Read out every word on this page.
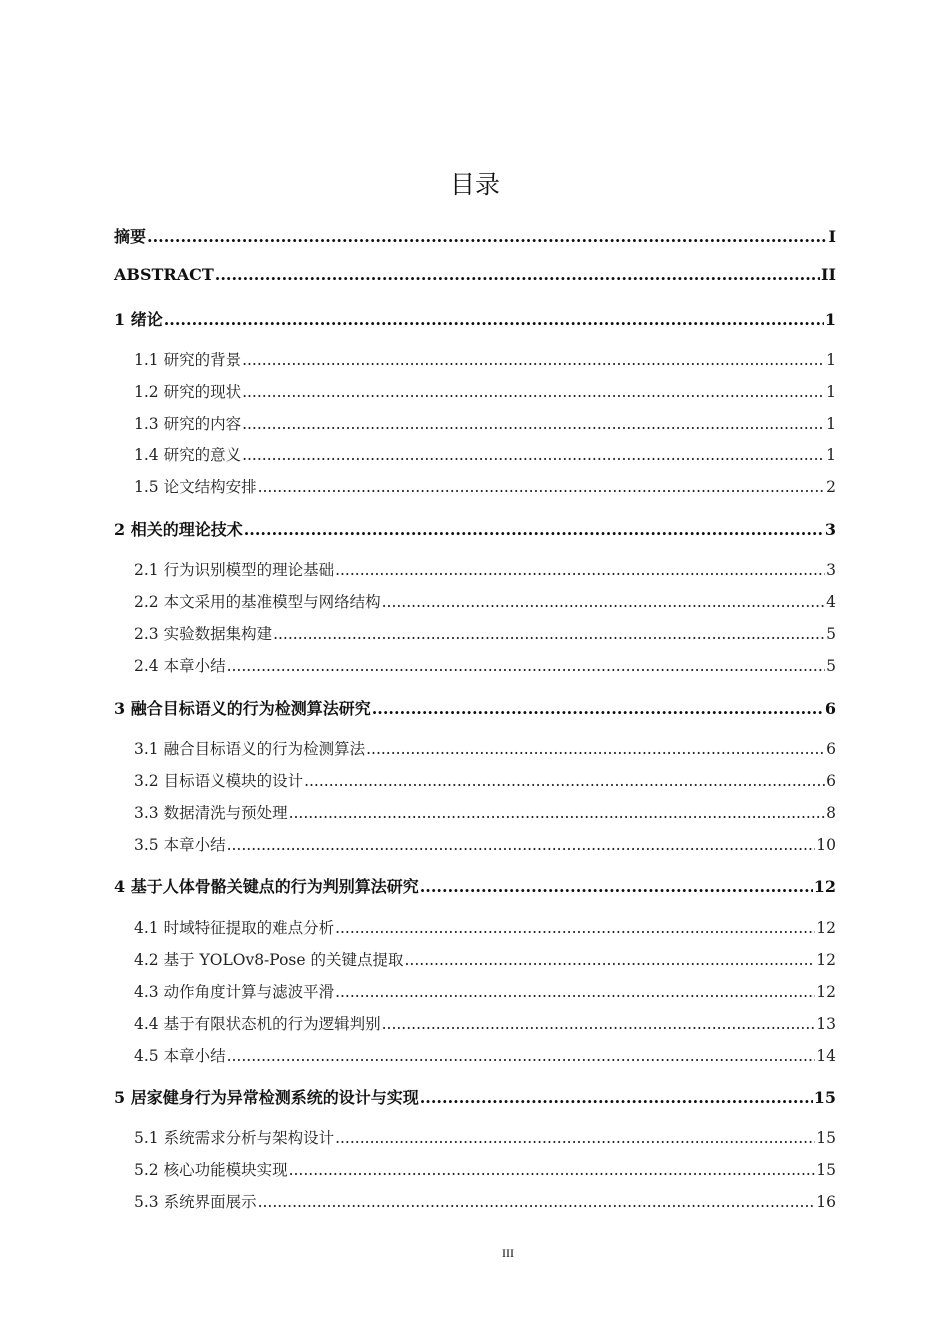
目录
摘要 .....	I
ABSTRACT .....	II
1 绪论 .....	1
1.1 研究的背景 .....	1
1.2 研究的现状 .....	1
1.3 研究的内容 .....	1
1.4 研究的意义 .....	1
1.5 论文结构安排 .....	2
2 相关的理论技术 .....	3
2.1 行为识别模型的理论基础 .....	3
2.2 本文采用的基准模型与网络结构 .....	4
2.3 实验数据集构建 .....	5
2.4 本章小结 .....	5
3 融合目标语义的行为检测算法研究 .....	6
3.1 融合目标语义的行为检测算法 .....	6
3.2 目标语义模块的设计 .....	6
3.3 数据清洗与预处理 .....	8
3.5 本章小结 .....	10
4 基于人体骨骼关键点的行为判别算法研究 .....	12
4.1 时域特征提取的难点分析 .....	12
4.2 基于 YOLOv8-Pose 的关键点提取 .....	12
4.3 动作角度计算与滤波平滑 .....	12
4.4 基于有限状态机的行为逻辑判别 .....	13
4.5 本章小结 .....	14
5 居家健身行为异常检测系统的设计与实现 .....	15
5.1 系统需求分析与架构设计 .....	15
5.2 核心功能模块实现 .....	15
5.3 系统界面展示 .....	16
III
